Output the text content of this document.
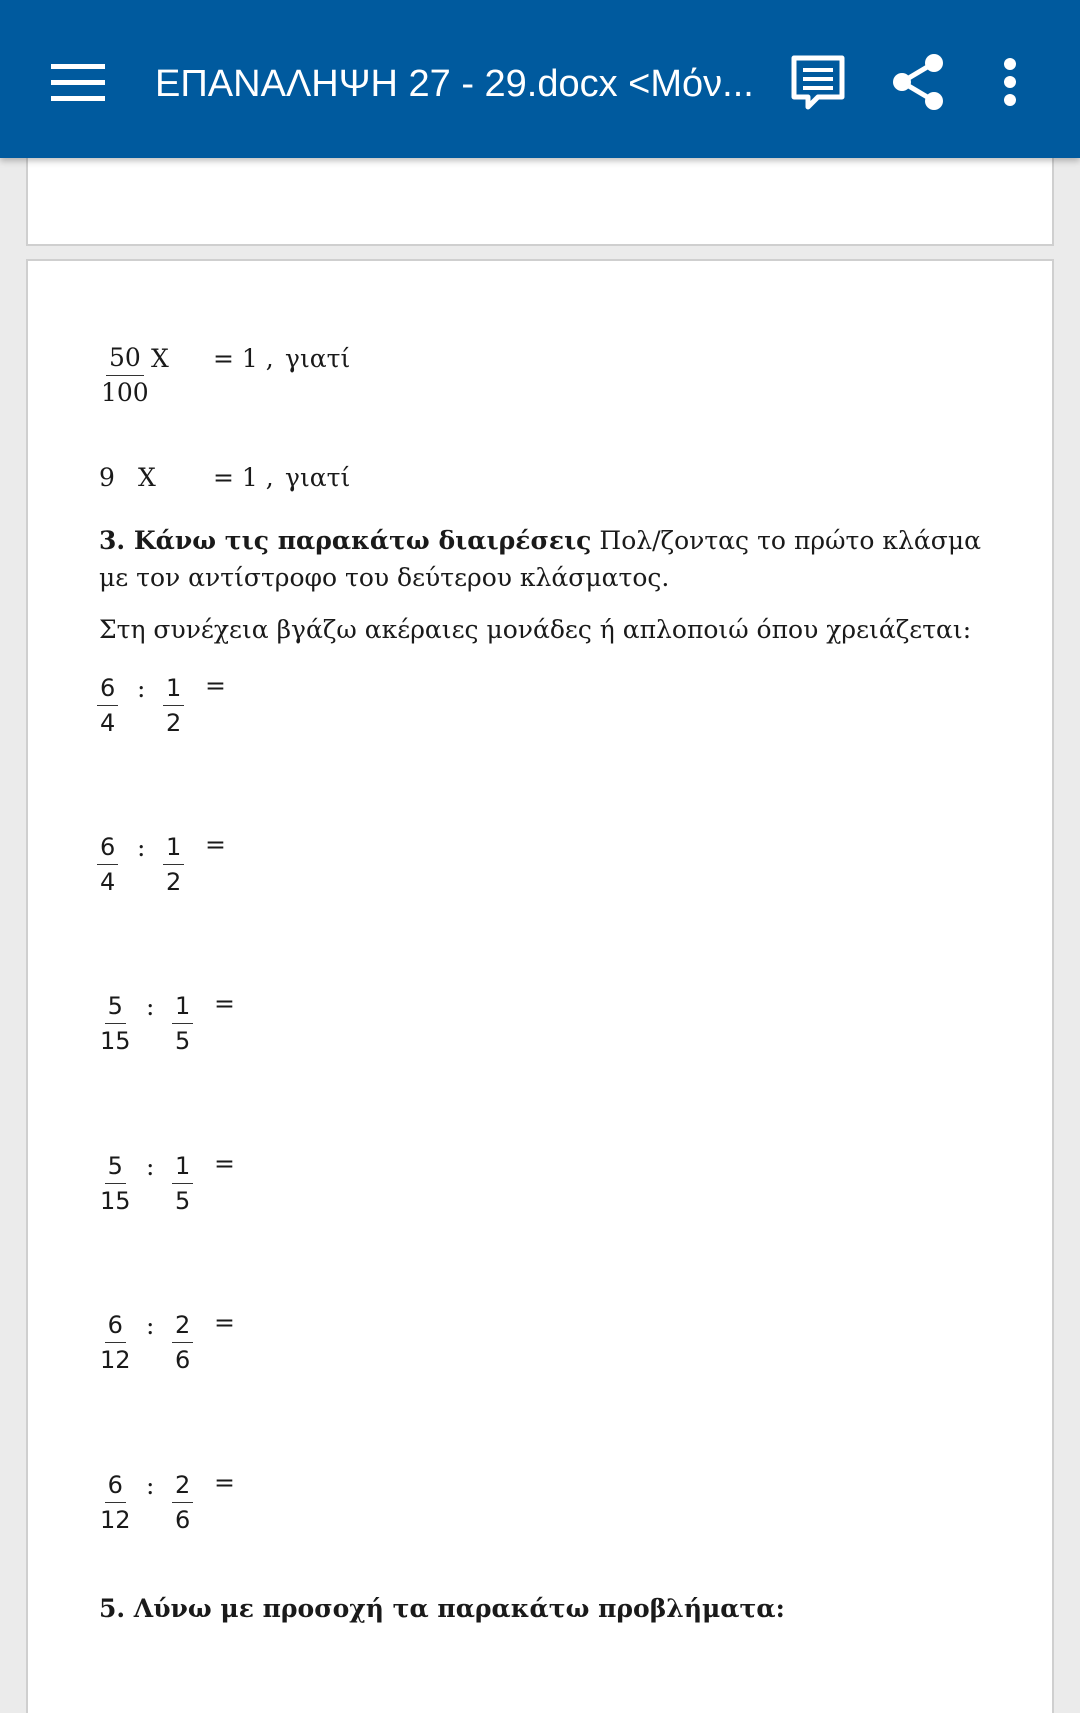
ΕΠΑΝΑΛΗΨΗ 27 - 29.docx <Μόν...
$\frac{50}{100}$ X = 1 , γιατί
9 X = 1 , γιατί
3. Κάνω τις παρακάτω διαιρέσεις Πολ/ζοντας το πρώτο κλάσμα με τον αντίστροφο του δεύτερου κλάσματος.
Στη συνέχεια βγάζω ακέραιες μονάδες ή απλοποιώ όπου χρειάζεται:
$\frac{6}{4}$ : $\frac{1}{2}$ =
$\frac{6}{4}$ : $\frac{1}{2}$ =
$\frac{5}{15}$ : $\frac{1}{5}$ =
$\frac{5}{15}$ : $\frac{1}{5}$ =
$\frac{6}{12}$ : $\frac{2}{6}$ =
$\frac{6}{12}$ : $\frac{2}{6}$ =
5. Λύνω με προσοχή τα παρακάτω προβλήματα:
